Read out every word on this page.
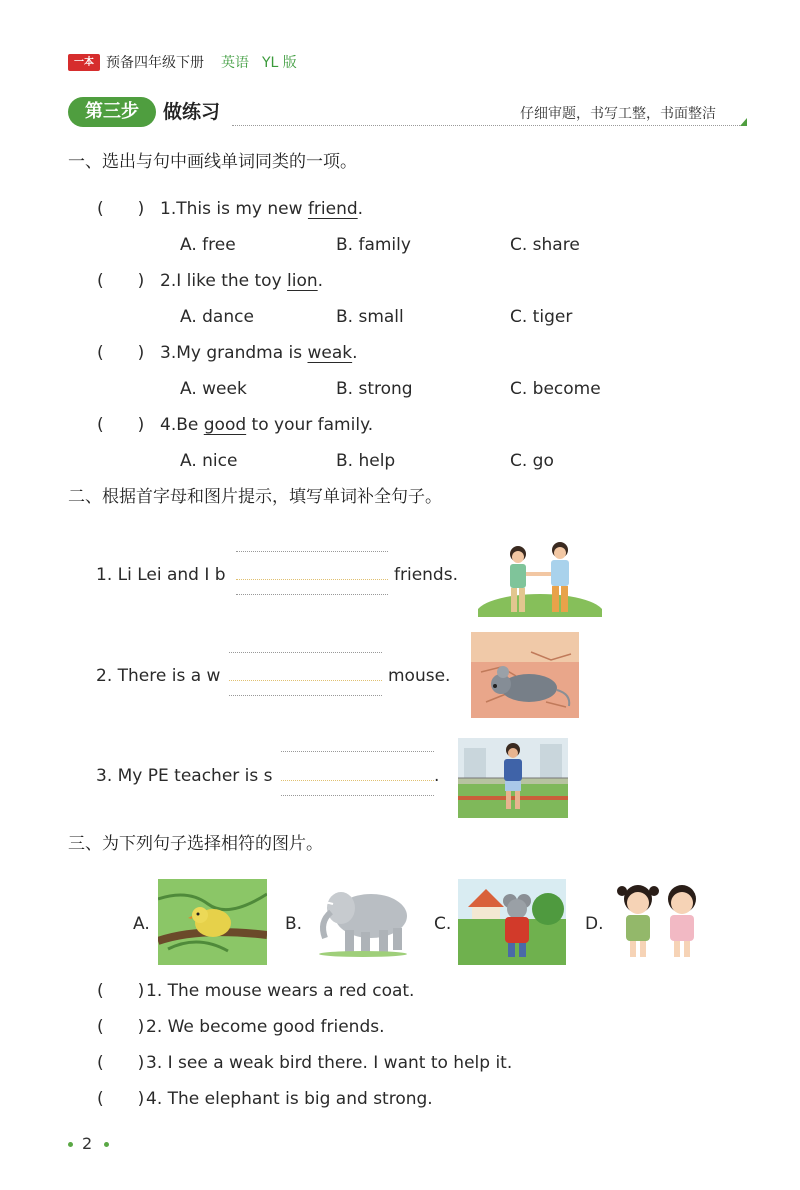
一本 预备四年级下册 英语 YL 版
第三步	做练习	仔细审题，书写工整，书面整洁
一、选出与句中画线单词同类的一项。
(　　) 1.This is my new friend.
A. free	B. family	C. share
(　　) 2.I like the toy lion.
A. dance	B. small	C. tiger
(　　) 3.My grandma is weak.
A. week	B. strong	C. become
(　　) 4.Be good to your family.
A. nice	B. help	C. go
二、根据首字母和图片提示，填写单词补全句子。
1. Li Lei and I b	friends.
2. There is a w	mouse.
3. My PE teacher is s	.
三、为下列句子选择相符的图片。
A.	B.	C.	D.
(　　) 1. The mouse wears a red coat.
(　　) 2. We become good friends.
(　　) 3. I see a weak bird there. I want to help it.
(　　) 4. The elephant is big and strong.
2
